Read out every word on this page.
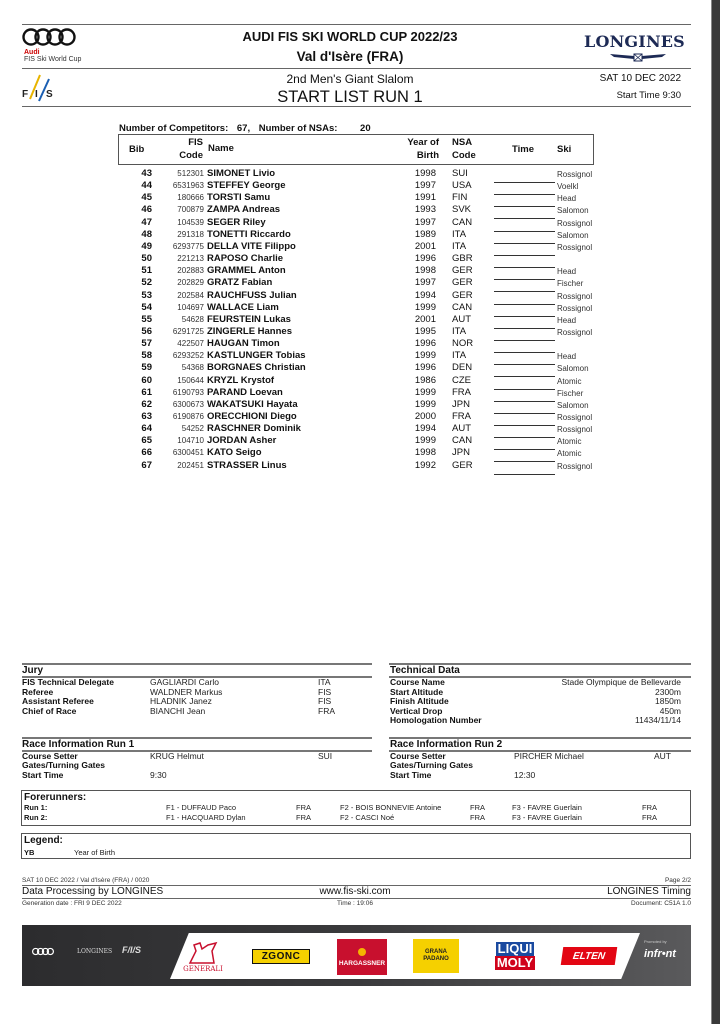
Audi
FIS Ski World Cup
AUDI FIS SKI WORLD CUP 2022/23
Val d'Isère (FRA)
LONGINES
F I S
2nd Men's Giant Slalom
START LIST RUN 1
SAT 10 DEC 2022
Start Time 9:30
Number of Competitors: 67, Number of NSAs: 20
Bib
FIS
Code
Name
Year of
Birth
NSA
Code
Time Ski
43	512301 SIMONET Livio	1998 SUI	Rossignol
44	6531963 STEFFEY George	1997 USA	Voelkl
45	180666 TORSTI Samu	1991 FIN	Head
46	700879 ZAMPA Andreas	1993 SVK	Salomon
47	104539 SEGER Riley	1997 CAN	Rossignol
48	291318 TONETTI Riccardo	1989 ITA	Salomon
49	6293775 DELLA VITE Filippo	2001 ITA	Rossignol
50	221213 RAPOSO Charlie	1996 GBR
51	202883 GRAMMEL Anton	1998 GER	Head
52	202829 GRATZ Fabian	1997 GER	Fischer
53	202584 RAUCHFUSS Julian	1994 GER	Rossignol
54	104697 WALLACE Liam	1999 CAN	Rossignol
55	54628 FEURSTEIN Lukas	2001 AUT	Head
56	6291725 ZINGERLE Hannes	1995 ITA	Rossignol
57	422507 HAUGAN Timon	1996 NOR
58	6293252 KASTLUNGER Tobias	1999 ITA	Head
59	54368 BORGNAES Christian	1996 DEN	Salomon
60	150644 KRYZL Krystof	1986 CZE	Atomic
61	6190793 PARAND Loevan	1999 FRA	Fischer
62	6300673 WAKATSUKI Hayata	1999 JPN	Salomon
63	6190876 ORECCHIONI Diego	2000 FRA	Rossignol
64	54252 RASCHNER Dominik	1994 AUT	Rossignol
65	104710 JORDAN Asher	1999 CAN	Atomic
66	6300451 KATO Seigo	1998 JPN	Atomic
67	202451 STRASSER Linus	1992 GER	Rossignol
Jury
FIS Technical Delegate	GAGLIARDI Carlo	ITA
Referee	WALDNER Markus	FIS
Assistant Referee	HLADNIK Janez	FIS
Chief of Race	BIANCHI Jean	FRA
Technical Data
Course Name	Stade Olympique de Bellevarde
Start Altitude	2300m
Finish Altitude	1850m
Vertical Drop	450m
Homologation Number	11434/11/14
Race Information Run 1
Course Setter	KRUG Helmut	SUI
Gates/Turning Gates
Start Time	9:30
Race Information Run 2
Course Setter	PIRCHER Michael	AUT
Gates/Turning Gates
Start Time	12:30
Forerunners:
Run 1:	F1 - DUFFAUD Paco	FRA	F2 - BOIS BONNEVIE Antoine	FRA	F3 - FAVRE Guerlain	FRA
Run 2:	F1 - HACQUARD Dylan	FRA	F2 - CASCI Noé	FRA	F3 - FAVRE Guerlain	FRA
Legend:
YB	Year of Birth
SAT 10 DEC 2022 / Val d'Isère (FRA) / 0020	Page 2/2
Data Processing by LONGINES	www.fis-ski.com	LONGINES Timing
Generation date : FRI 9 DEC 2022	Time : 19:06	Document: C51A 1.0
LONGINES F/I/S
GENERALI
ZGONC
HARGASSNER
GRANA
PADANO
LIQUI
MOLY	ELTEN
Promoted by
infr•nt
